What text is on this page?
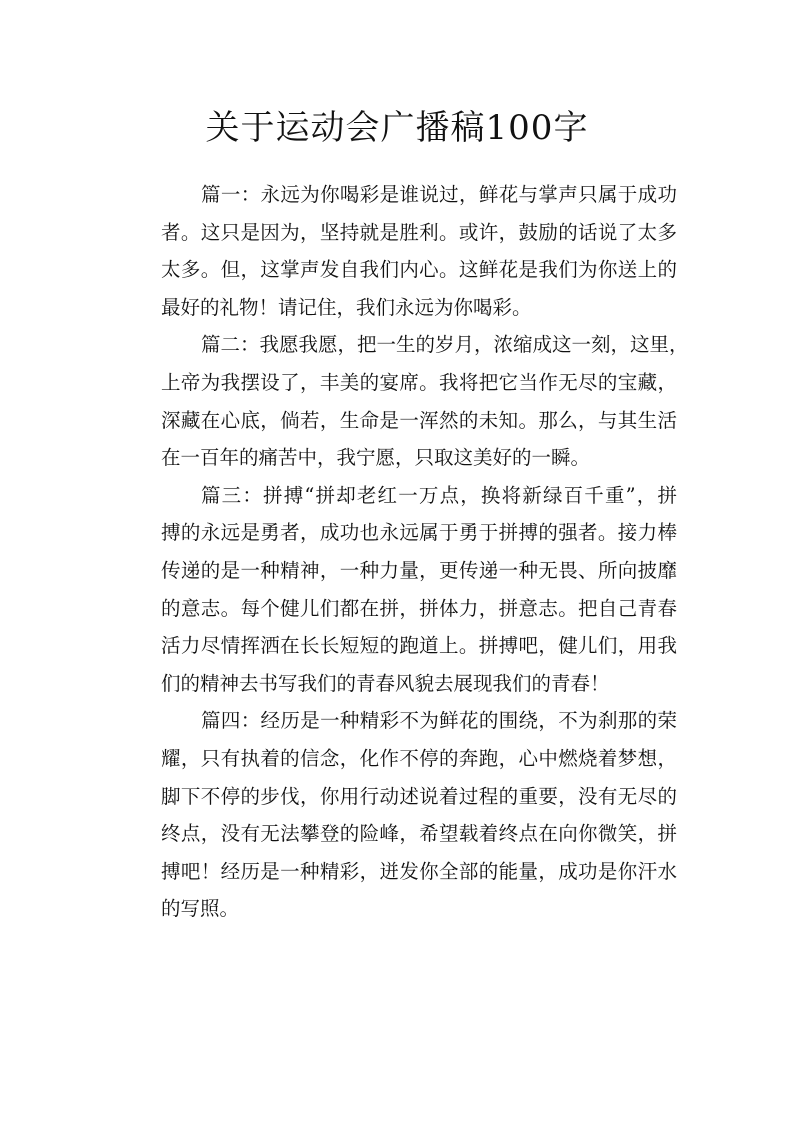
关于运动会广播稿100字

篇一：永远为你喝彩是谁说过，鲜花与掌声只属于成功
者。这只是因为，坚持就是胜利。或许，鼓励的话说了太多
太多。但，这掌声发自我们内心。这鲜花是我们为你送上的
最好的礼物！请记住，我们永远为你喝彩。

篇二：我愿我愿，把一生的岁月，浓缩成这一刻，这里，
上帝为我摆设了，丰美的宴席。我将把它当作无尽的宝藏，
深藏在心底，倘若，生命是一浑然的未知。那么，与其生活
在一百年的痛苦中，我宁愿，只取这美好的一瞬。

篇三：拼搏“拼却老红一万点，换将新绿百千重”，拼
搏的永远是勇者，成功也永远属于勇于拼搏的强者。接力棒
传递的是一种精神，一种力量，更传递一种无畏、所向披靡
的意志。每个健儿们都在拼，拼体力，拼意志。把自己青春
活力尽情挥洒在长长短短的跑道上。拼搏吧，健儿们，用我
们的精神去书写我们的青春风貌去展现我们的青春！

篇四：经历是一种精彩不为鲜花的围绕，不为刹那的荣
耀，只有执着的信念，化作不停的奔跑，心中燃烧着梦想，
脚下不停的步伐，你用行动述说着过程的重要，没有无尽的
终点，没有无法攀登的险峰，希望载着终点在向你微笑，拼
搏吧！经历是一种精彩，迸发你全部的能量，成功是你汗水
的写照。
